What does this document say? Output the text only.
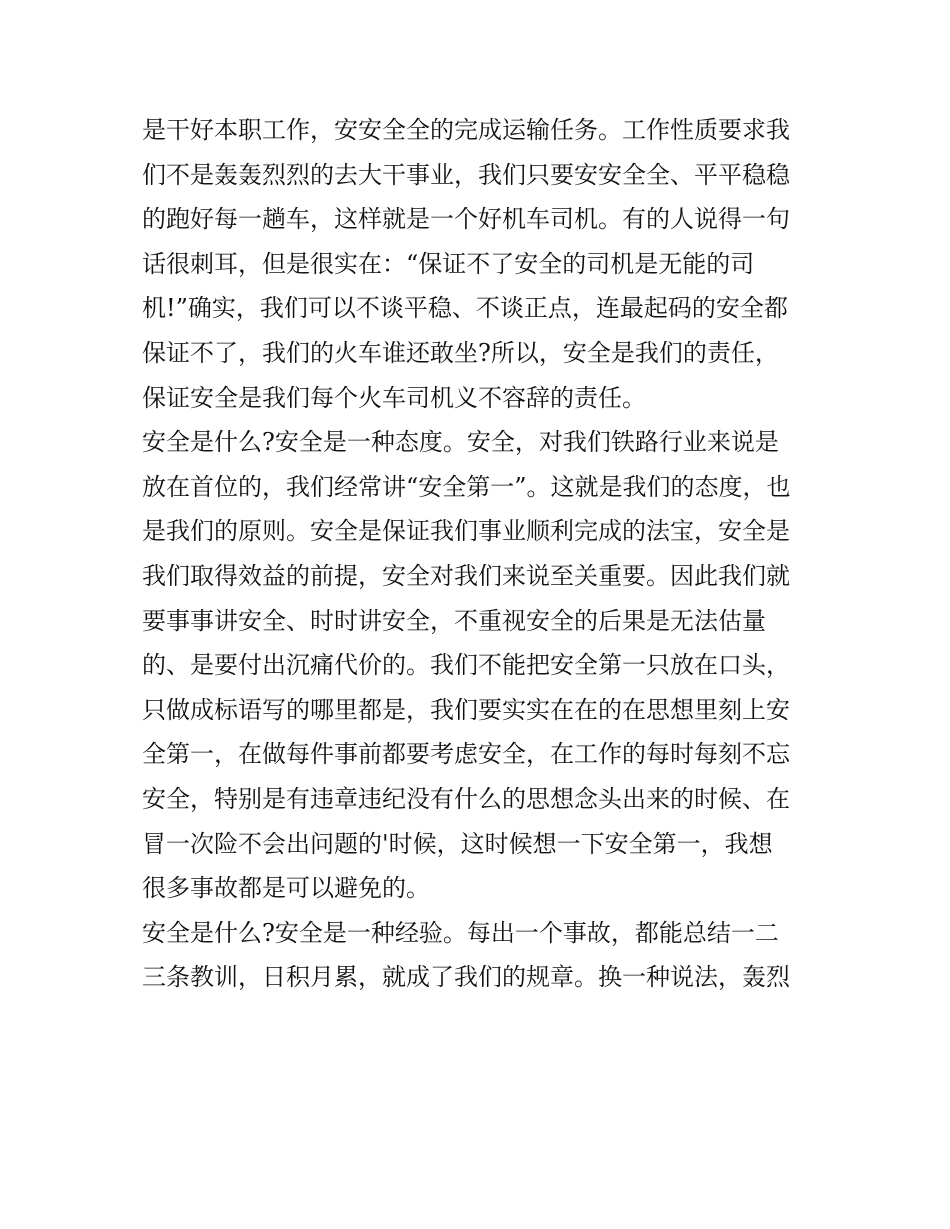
是干好本职工作，安安全全的完成运输任务。工作性质要求我
们不是轰轰烈烈的去大干事业，我们只要安安全全、平平稳稳
的跑好每一趟车，这样就是一个好机车司机。有的人说得一句
话很刺耳，但是很实在：“保证不了安全的司机是无能的司
机!”确实，我们可以不谈平稳、不谈正点，连最起码的安全都
保证不了，我们的火车谁还敢坐?所以，安全是我们的责任，
保证安全是我们每个火车司机义不容辞的责任。
安全是什么?安全是一种态度。安全，对我们铁路行业来说是
放在首位的，我们经常讲“安全第一”。这就是我们的态度，也
是我们的原则。安全是保证我们事业顺利完成的法宝，安全是
我们取得效益的前提，安全对我们来说至关重要。因此我们就
要事事讲安全、时时讲安全，不重视安全的后果是无法估量
的、是要付出沉痛代价的。我们不能把安全第一只放在口头，
只做成标语写的哪里都是，我们要实实在在的在思想里刻上安
全第一，在做每件事前都要考虑安全，在工作的每时每刻不忘
安全，特别是有违章违纪没有什么的思想念头出来的时候、在
冒一次险不会出问题的'时候，这时候想一下安全第一，我想
很多事故都是可以避免的。
安全是什么?安全是一种经验。每出一个事故，都能总结一二
三条教训，日积月累，就成了我们的规章。换一种说法，轰烈
